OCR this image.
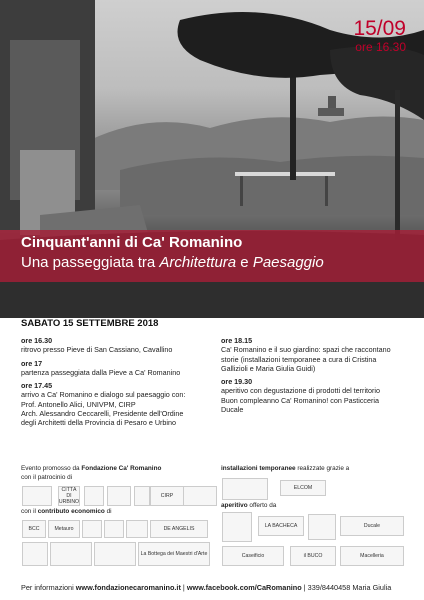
15/09
ore 16.30
Cinquant'anni di Ca' Romanino
Una passeggiata tra Architettura e Paesaggio
SABATO 15 SETTEMBRE 2018
ore 16.30
ritrovo presso Pieve di San Cassiano, Cavallino
ore 17
partenza passeggiata dalla Pieve a Ca' Romanino
ore 17.45
arrivo a Ca' Romanino e dialogo sul paesaggio con:
Prof. Antonello Alici, UNIVPM, CIRP
Arch. Alessandro Ceccarelli, Presidente dell'Ordine
degli Architetti della Provincia di Pesaro e Urbino
ore 18.15
Ca' Romanino e il suo giardino: spazi che raccontano
storie (installazioni temporanee a cura di Cristina
Gallizioli e Maria Giulia Guidi)
ore 19.30
aperitivo con degustazione di prodotti del territorio
Buon compleanno Ca' Romanino! con Pasticceria
Ducale
Evento promosso da Fondazione Ca' Romanino
con il patrocinio di
CITTÀ DI URBINO
CIRP
con il contributo economico di
BCC	Metauro	DE ANGELIS
La Bottega dei Maestri d'Arte
installazioni temporanee realizzate grazie a
ELCOM
aperitivo offerto da
LA BACHECA	Ducale
Caseificio	il BUCO	Macelleria
Per informazioni www.fondazionecaromanino.it | www.facebook.com/CaRomanino | 339/8440458 Maria Giulia
